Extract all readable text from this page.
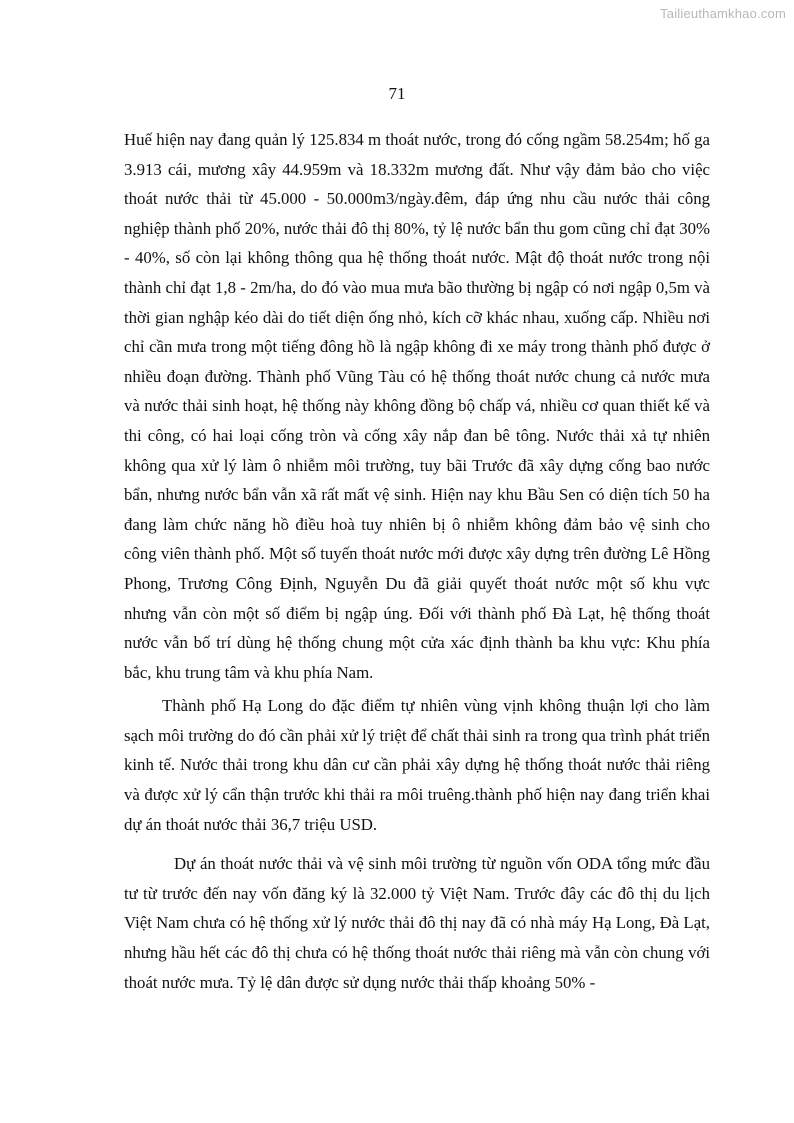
Tailieuthamkhao.com
71

Huế hiện nay đang quản lý 125.834 m thoát nước, trong đó cống ngầm 58.254m; hố ga 3.913 cái, mương xây 44.959m và 18.332m mương đất. Như vậy đảm bảo cho việc thoát nước thải từ 45.000 - 50.000m3/ngày.đêm, đáp ứng nhu cầu nước thải công nghiệp thành phố 20%, nước thải đô thị 80%, tỷ lệ nước bẩn thu gom cũng chỉ đạt 30% - 40%, số còn lại không thông qua hệ thống thoát nước. Mật độ thoát nước trong nội thành chỉ đạt 1,8 - 2m/ha, do đó vào mua mưa bão thường bị ngập có nơi ngập 0,5m và thời gian nghập kéo dài do tiết diện ống nhỏ, kích cỡ khác nhau, xuống cấp. Nhiều nơi chỉ cần mưa trong một tiếng đông hồ là ngập không đi xe máy trong thành phố được ở nhiều đoạn đường. Thành phố Vũng Tàu có hệ thống thoát nước chung cả nước mưa và nước thải sinh hoạt, hệ thống này không đồng bộ chấp vá, nhiều cơ quan thiết kế và thi công, có hai loại cống tròn và cống xây nắp đan bê tông. Nước thải xả tự nhiên không qua xử lý làm ô nhiễm môi trường, tuy bãi Trước đã xây dựng cống bao nước bẩn, nhưng nước bẩn vẫn xã rất mất vệ sinh. Hiện nay khu Bầu Sen có diện tích 50 ha đang làm chức năng hồ điều hoà tuy nhiên bị ô nhiễm không đảm bảo vệ sinh cho công viên thành phố. Một số tuyến thoát nước mới được xây dựng trên đường Lê Hồng Phong, Trương Công Định, Nguyễn Du đã giải quyết thoát nước một số khu vực nhưng vẫn còn một số điểm bị ngập úng. Đối với thành phố Đà Lạt, hệ thống thoát nước vẫn bố trí dùng hệ thống chung một cửa xác định thành ba khu vực: Khu phía bắc, khu trung tâm và khu phía Nam.

Thành phố Hạ Long do đặc điểm tự nhiên vùng vịnh không thuận lợi cho làm sạch môi trường do đó cần phải xử lý triệt để chất thải sinh ra trong qua trình phát triển kinh tế. Nước thải trong khu dân cư cần phải xây dựng hệ thống thoát nước thải riêng và được xử lý cẩn thận trước khi thải ra môi truêng.thành phố hiện nay đang triển khai dự án thoát nước thải 36,7 triệu USD.

Dự án thoát nước thải và vệ sinh môi trường từ nguồn vốn ODA tổng mức đầu tư từ trước đến nay vốn đăng ký là 32.000 tỷ Việt Nam. Trước đây các đô thị du lịch Việt Nam chưa có hệ thống xử lý nước thải đô thị nay đã có nhà máy Hạ Long, Đà Lạt, nhưng hầu hết các đô thị chưa có hệ thống thoát nước thải riêng mà vẫn còn chung với thoát nước mưa. Tỷ lệ dân được sử dụng nước thải thấp khoảng 50% -
